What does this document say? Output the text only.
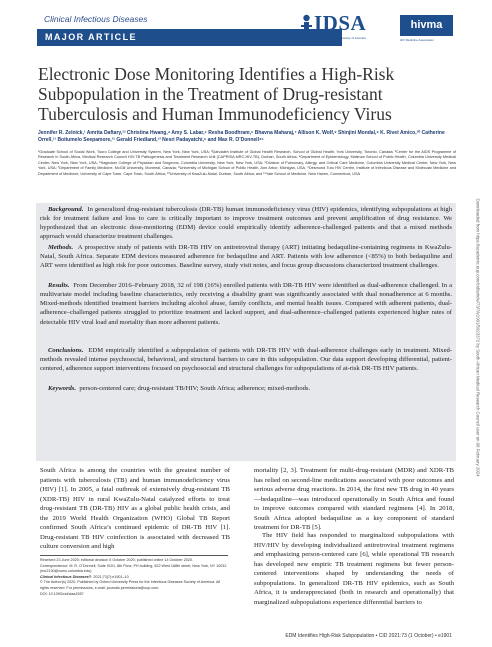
Clinical Infectious Diseases
MAJOR ARTICLE
IDSA
Infectious Diseases Society of America
hivma
HIV Medicine Association
Electronic Dose Monitoring Identifies a High-Risk Subpopulation in the Treatment of Drug-resistant Tuberculosis and Human Immunodeficiency Virus
Jennifer R. Zelnick,¹ Amrita Daftary,²³ Christina Hwang,⁴ Amy S. Labar,⁵ Resha Boodhram,⁶ Bhavna Maharaj,⁷ Allison K. Wolf,⁸ Shinjini Mondal,⁹ K. Rivet Amico,¹⁰ Catherine Orrell,¹¹ Boitumelo Seepamore,¹² Gerald Friedland,¹³ Nesri Padayatchi,⁶ and Max R. O’Donnell⁴⁶
¹Graduate School of Social Work, Touro College and University System, New York, New York, USA; ²Dahdaleh Institute of Global Health Research, School of Global Health, York University, Toronto, Canada; ³Center for the AIDS Programme of Research in South Africa, Medical Research Council HIV-TB Pathogenesis and Treatment Research Unit (CAPRISA MRC-HIV-TB), Durban, South Africa; ⁴Department of Epidemiology, Mailman School of Public Health, Columbia University Medical Center, New York, New York, USA; ⁵Hagedorn College of Physician and Surgeons, Columbia University, New York, New York, USA; ⁶Division of Pulmonary, Allergy, and Critical Care Medicine, Columbia University Medical Center, New York, New York, USA; ⁷Department of Family Medicine, McGill University, Montreal, Canada; ⁸University of Michigan School of Public Health, Ann Arbor, Michigan, USA; ⁹Desmond Tutu HIV Centre, Institute of Infectious Disease and Molecular Medicine and Department of Medicine, University of Cape Town, Cape Town, South Africa; ¹⁰University of KwaZulu-Natal, Durban, South Africa; and ¹¹Yale School of Medicine, New Haven, Connecticut, USA
Background. In generalized drug-resistant tuberculosis (DR-TB) human immunodeficiency virus (HIV) epidemics, identifying subpopulations at high risk for treatment failure and loss to care is critically important to improve treatment outcomes and prevent amplification of drug resistance. We hypothesized that an electronic dose-monitoring (EDM) device could empirically identify adherence-challenged patients and that a mixed methods approach would characterize treatment challenges.
Methods. A prospective study of patients with DR-TB HIV on antiretroviral therapy (ART) initiating bedaquiline-containing regimens in KwaZulu-Natal, South Africa. Separate EDM devices measured adherence for bedaquiline and ART. Patients with low adherence (<85%) to both bedaquiline and ART were identified as high risk for poor outcomes. Baseline survey, study visit notes, and focus group discussions characterized treatment challenges.
Results. From December 2016–February 2018, 32 of 198 (16%) enrolled patients with DR-TB HIV were identified as dual-adherence challenged. In a multivariate model including baseline characteristics, only receiving a disability grant was significantly associated with dual nonadherence at 6 months. Mixed-methods identified treatment barriers including alcohol abuse, family conflicts, and mental health issues. Compared with adherent patients, dual-adherence–challenged patients struggled to prioritize treatment and lacked support, and dual-adherence–challenged patients experienced higher rates of detectable HIV viral load and mortality than more adherent patients.
Conclusions. EDM empirically identified a subpopulation of patients with DR-TB HIV with dual-adherence challenges early in treatment. Mixed-methods revealed intense psychosocial, behavioral, and structural barriers to care in this subpopulation. Our data support developing differential, patient-centered, adherence support interventions focused on psychosocial and structural challenges for subpopulations of at-risk DR-TB HIV patients.
Keywords. person-centered care; drug-resistant TB/HIV; South Africa; adherence; mixed-methods.
South Africa is among the countries with the greatest number of patients with tuberculosis (TB) and human immunodeficiency virus (HIV) [1]. In 2005, a fatal outbreak of extensively drug-resistant TB (XDR-TB) HIV in rural KwaZulu-Natal catalyzed efforts to treat drug-resistant TB (DR-TB) HIV as a global public health crisis, and the 2019 World Health Organization (WHO) Global TB Report confirmed South Africa’s continued epidemic of DR-TB HIV [1]. Drug-resistant TB HIV coinfection is associated with decreased TB culture conversion and high
mortality [2, 3]. Treatment for multi-drug-resistant (MDR) and XDR-TB has relied on second-line medications associated with poor outcomes and serious adverse drug reactions. In 2014, the first new TB drug in 40 years—bedaquiline—was introduced operationally in South Africa and found to improve outcomes compared with standard regimens [4]. In 2018, South Africa adopted bedaquiline as a key component of standard treatment for DR-TB [5].
The HIV field has responded to marginalized subpopulations with HIV/HIV by developing individualized antiretroviral treatment regimens and emphasizing person-centered care [6], while operational TB research has developed new empiric TB treatment regimens but fewer person-centered interventions shaped by understanding the needs of subpopulations. In generalized DR-TB HIV epidemics, such as South Africa, it is underappreciated (both in research and operationally) that marginalized subpopulations experience differential barriers to
Received 23 June 2020; editorial decision 5 October 2020; published online 14 October 2020.
Correspondence: M. R. O’Donnell, Suite 0101, 8th Floor, PH building, 622 West 168th street, New York, NY 10032 (mo2130@cumc.columbia.edu).
Clinical Infectious Diseases® 2021;73(7):e1901–10
© The Author(s) 2020. Published by Oxford University Press for the Infectious Diseases Society of America. All rights reserved. For permissions, e-mail: journals.permissions@oup.com.
DOI: 10.1093/cid/ciaa1557
EDM Identifies High-Risk Subpopulation • CID 2021:73 (1 October) • e1901
Downloaded from https://academic.oup.com/cid/article/73/7/e1901/5923372 by South African Medical Research Council user on 08 February 2024
